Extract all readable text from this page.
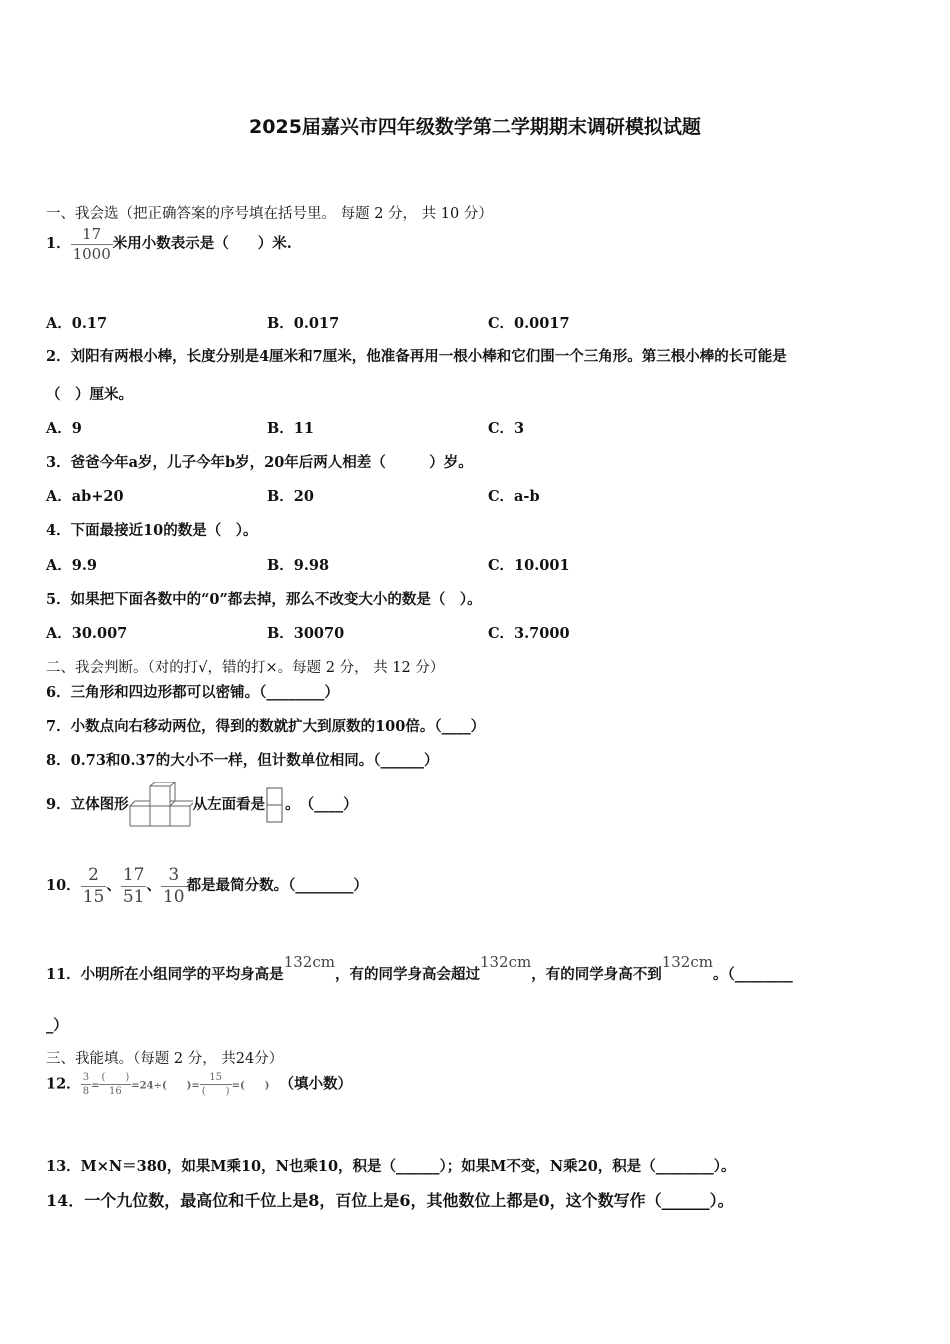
2025届嘉兴市四年级数学第二学期期末调研模拟试题
一、我会选（把正确答案的序号填在括号里。 每题 2 分， 共 10 分）
1． $\frac{17}{1000}$ 米用小数表示是（　　）米.
A．0.17	B．0.017	C．0.0017
2．刘阳有两根小棒，长度分别是4厘米和7厘米，他准备再用一根小棒和它们围一个三角形。第三根小棒的长可能是
（　）厘米。
A．9	B．11	C．3
3．爸爸今年a岁，儿子今年b岁，20年后两人相差（　　　）岁。
A．ab+20	B．20	C．a-b
4．下面最接近10的数是（　）。
A．9.9	B．9.98	C．10.001
5．如果把下面各数中的“0”都去掉，那么不改变大小的数是（　）。
A．30.007	B．30070	C．3.7000
二、我会判断。（对的打√，错的打×。每题 2 分， 共 12 分）
6．三角形和四边形都可以密铺。（________）
7．小数点向右移动两位，得到的数就扩大到原数的100倍。（____）
8．0.73和0.37的大小不一样，但计数单位相同。（______）
9．立体图形	从左面看是 。　（____）
10． $\frac{2}{15}$ 、 $\frac{17}{51}$ 、 $\frac{3}{10}$ 都是最简分数。（________）
11．小明所在小组同学的平均身高是132cm，有的同学身高会超过132cm，有的同学身高不到132cm。（________
_）
三、我能填。（每题 2 分， 共24分）
12． $\frac{3}{8} = \frac{( )}{16} =24\div$(　　)= $\frac{15}{( )}$ =(　　) （填小数）
13．M×N＝380，如果M乘10，N也乘10，积是（______）；如果M不变，N乘20，积是（________）。
14．一个九位数，最高位和千位上是8，百位上是6，其他数位上都是0，这个数写作（______）。
